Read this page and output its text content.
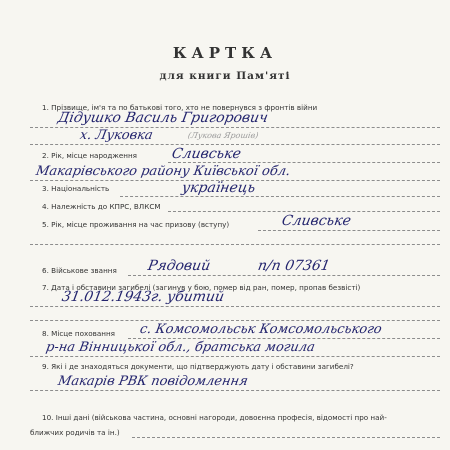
КАРТКА
для книги Пам'яті
1. Прізвище, ім'я та по батькові того, хто не повернувся з фронтів війни
Дідушко Василь Григорович
х. Луковка	(Лукова Ярошів)
2. Рік, місце народження Сливське
Макарівського району Київської обл.
3. Національність	українець
4. Належність до КПРС, ВЛКСМ
5. Рік, місце проживання на час призову (вступу)	Сливське
6. Військове звання Рядовий	п/п 07361
7. Дата і обставини загибелі (загинув у бою, помер від ран, помер, пропав безвісті)
31.012.1943г. убитий
8. Місце поховання с. Комсомольськ Комсомольського
р-на Вінницької обл., братська могила
9. Які і де знаходяться документи, що підтверджують дату і обставини загибелі?
Макарів РВК повідомлення
10. Інші дані (військова частина, основні нагороди, довоєнна професія, відомості про най-
ближчих родичів та ін.)
